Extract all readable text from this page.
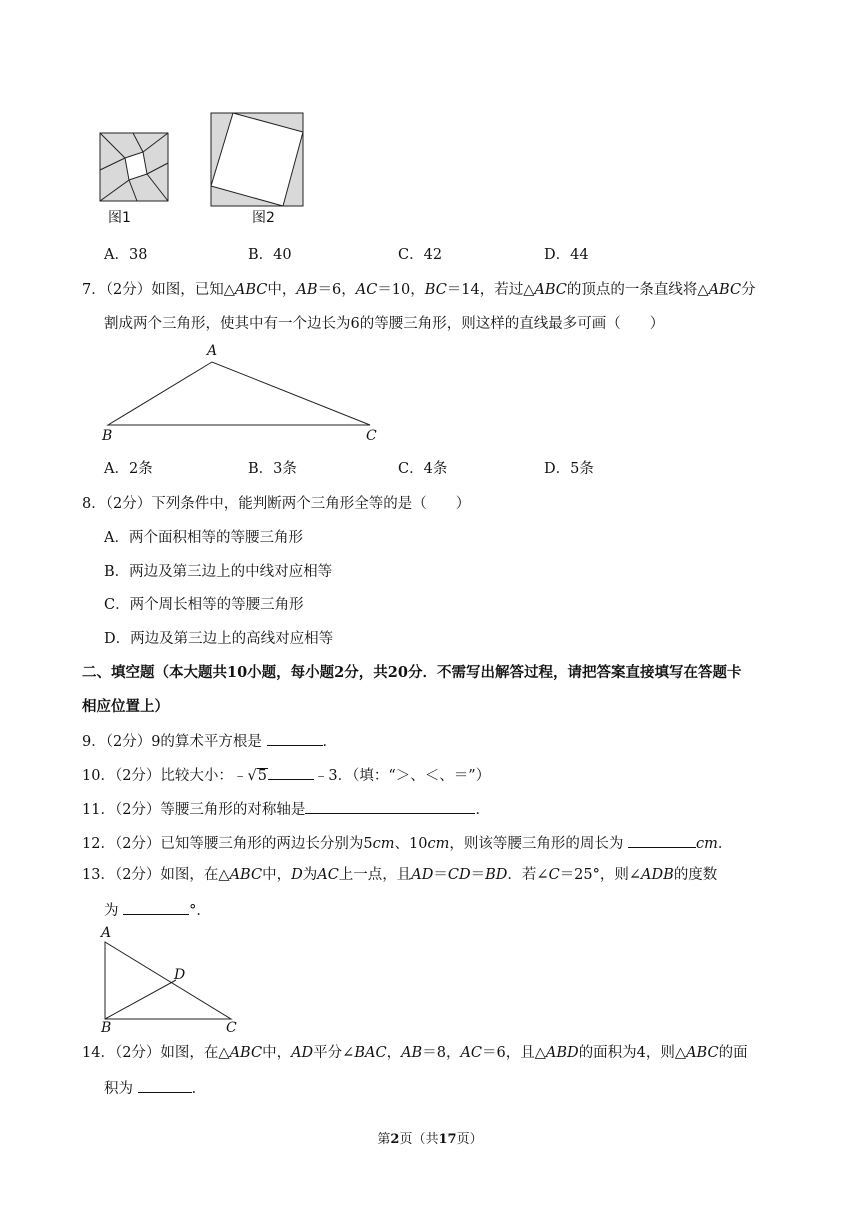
图1	图2
A．38	B．40	C．42	D．44
7．（2分）如图，已知△ABC中，AB＝6，AC＝10，BC＝14，若过△ABC的顶点的一条直线将△ABC分
割成两个三角形，使其中有一个边长为6的等腰三角形，则这样的直线最多可画（　　）
A
B	C
A．2条	B．3条	C．4条	D．5条
8．（2分）下列条件中，能判断两个三角形全等的是（　　）
A．两个面积相等的等腰三角形
B．两边及第三边上的中线对应相等
C．两个周长相等的等腰三角形
D．两边及第三边上的高线对应相等
二、填空题（本大题共10小题，每小题2分，共20分．不需写出解答过程，请把答案直接填写在答题卡
相应位置上）
9．（2分）9的算术平方根是	．
10．（2分）比较大小：﹣√5	﹣3．（填：“＞、＜、＝”）
11．（2分）等腰三角形的对称轴是	．
12．（2分）已知等腰三角形的两边长分别为5cm、10cm，则该等腰三角形的周长为	cm．
13．（2分）如图，在△ABC中，D为AC上一点，且AD＝CD＝BD．若∠C＝25°，则∠ADB的度数
为	°．
A
B	C
D
14．（2分）如图，在△ABC中，AD平分∠BAC，AB＝8，AC＝6，且△ABD的面积为4，则△ABC的面
积为	．
第2页（共17页）
